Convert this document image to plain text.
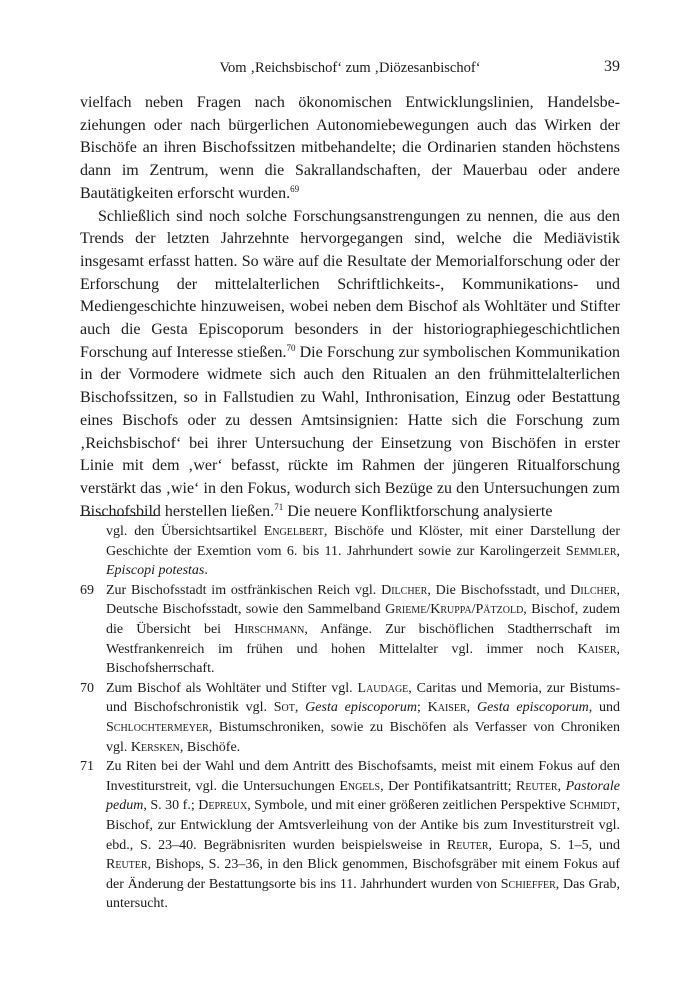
Vom ‚Reichsbischof‘ zum ‚Diözesanbischof‘	39

vielfach neben Fragen nach ökonomischen Entwicklungslinien, Handelsbeziehungen oder nach bürgerlichen Autonomiebewegungen auch das Wirken der Bischöfe an ihren Bischofssitzen mitbehandelte; die Ordinarien standen höchstens dann im Zentrum, wenn die Sakrallandschaften, der Mauerbau oder andere Bautätigkeiten erforscht wurden.$^{69}$

Schließlich sind noch solche Forschungsanstrengungen zu nennen, die aus den Trends der letzten Jahrzehnte hervorgegangen sind, welche die Mediävistik insgesamt erfasst hatten. So wäre auf die Resultate der Memorialforschung oder der Erforschung der mittelalterlichen Schriftlichkeits-, Kommunikations- und Mediengeschichte hinzuweisen, wobei neben dem Bischof als Wohltäter und Stifter auch die Gesta Episcoporum besonders in der historiographiegeschichtlichen Forschung auf Interesse stießen.$^{70}$ Die Forschung zur symbolischen Kommunikation in der Vormodere widmete sich auch den Ritualen an den frühmittelalterlichen Bischofssitzen, so in Fallstudien zu Wahl, Inthronisation, Einzug oder Bestattung eines Bischofs oder zu dessen Amtsinsignien: Hatte sich die Forschung zum ‚Reichsbischof‘ bei ihrer Untersuchung der Einsetzung von Bischöfen in erster Linie mit dem ‚wer‘ befasst, rückte im Rahmen der jüngeren Ritualforschung verstärkt das ‚wie‘ in den Fokus, wodurch sich Bezüge zu den Untersuchungen zum Bischofsbild herstellen ließen.$^{71}$ Die neuere Konfliktforschung analysierte

vgl. den Übersichtsartikel Engelbert, Bischöfe und Klöster, mit einer Darstellung der Geschichte der Exemtion vom 6. bis 11. Jahrhundert sowie zur Karolingerzeit Semmler, Episcopi potestas.
69 Zur Bischofsstadt im ostfränkischen Reich vgl. Dilcher, Die Bischofsstadt, und Dilcher, Deutsche Bischofsstadt, sowie den Sammelband Grieme/Kruppa/Pätzold, Bischof, zudem die Übersicht bei Hirschmann, Anfänge. Zur bischöflichen Stadtherrschaft im Westfrankenreich im frühen und hohen Mittelalter vgl. immer noch Kaiser, Bischofsherrschaft.
70 Zum Bischof als Wohltäter und Stifter vgl. Laudage, Caritas und Memoria, zur Bistums- und Bischofschronistik vgl. Sot, Gesta episcoporum; Kaiser, Gesta episcoporum, und Schlochtermeyer, Bistumschroniken, sowie zu Bischöfen als Verfasser von Chroniken vgl. Kersken, Bischöfe.
71 Zu Riten bei der Wahl und dem Antritt des Bischofsamts, meist mit einem Fokus auf den Investiturstreit, vgl. die Untersuchungen Engels, Der Pontifikatsantritt; Reuter, Pastorale pedum, S. 30 f.; Depreux, Symbole, und mit einer größeren zeitlichen Perspektive Schmidt, Bischof, zur Entwicklung der Amtsverleihung von der Antike bis zum Investiturstreit vgl. ebd., S. 23–40. Begräbnisriten wurden beispielsweise in Reuter, Europa, S. 1–5, und Reuter, Bishops, S. 23–36, in den Blick genommen, Bischofsgräber mit einem Fokus auf der Änderung der Bestattungsorte bis ins 11. Jahrhundert wurden von Schieffer, Das Grab, untersucht.
